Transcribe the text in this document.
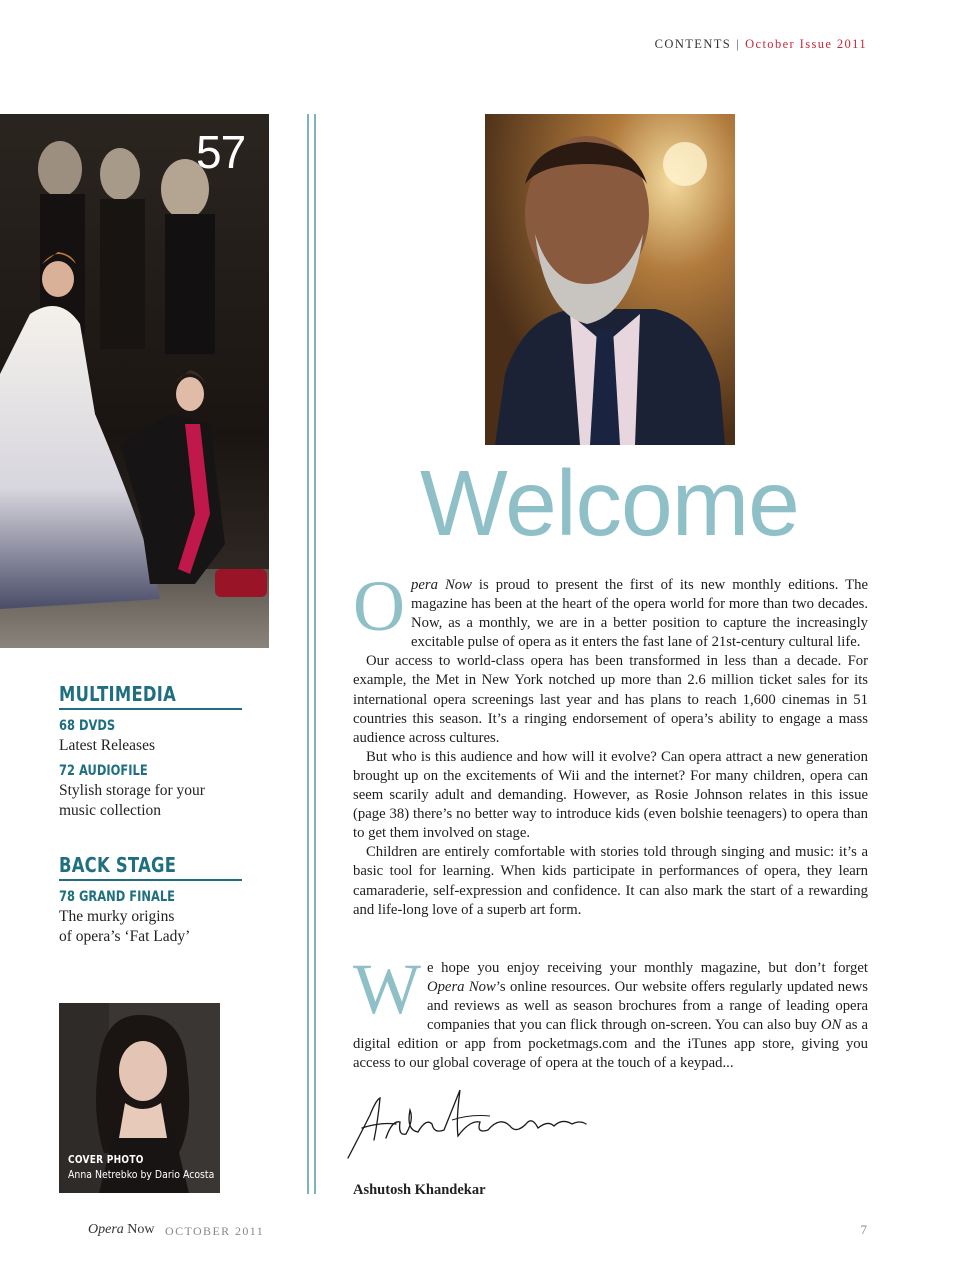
CONTENTS | October Issue 2011
57
MULTIMEDIA
68 DVDS
Latest Releases
72 AUDIOFILE
Stylish storage for your music collection
BACK STAGE
78 GRAND FINALE
The murky origins
of opera’s ‘Fat Lady’
COVER PHOTO
Anna Netrebko by Dario Acosta
Welcome

Opera Now is proud to present the first of its new monthly editions. The magazine has been at the heart of the opera world for more than two decades. Now, as a monthly, we are in a better position to capture the increasingly excitable pulse of opera as it enters the fast lane of 21st-century cultural life.

Our access to world-class opera has been transformed in less than a decade. For example, the Met in New York notched up more than 2.6 million ticket sales for its international opera screenings last year and has plans to reach 1,600 cinemas in 51 countries this season. It’s a ringing endorsement of opera’s ability to engage a mass audience across cultures.

But who is this audience and how will it evolve? Can opera attract a new generation brought up on the excitements of Wii and the internet? For many children, opera can seem scarily adult and demanding. However, as Rosie Johnson relates in this issue (page 38) there’s no better way to introduce kids (even bolshie teenagers) to opera than to get them involved on stage.

Children are entirely comfortable with stories told through singing and music: it’s a basic tool for learning. When kids participate in performances of opera, they learn camaraderie, self-expression and confidence. It can also mark the start of a rewarding and life-long love of a superb art form.

We hope you enjoy receiving your monthly magazine, but don’t forget Opera Now’s online resources. Our website offers regularly updated news and reviews as well as season brochures from a range of leading opera companies that you can flick through on-screen. You can also buy ON as a digital edition or app from pocketmags.com and the iTunes app store, giving you access to our global coverage of opera at the touch of a keypad...

Ashutosh Khandekar
Opera Now OCTOBER 2011	7
